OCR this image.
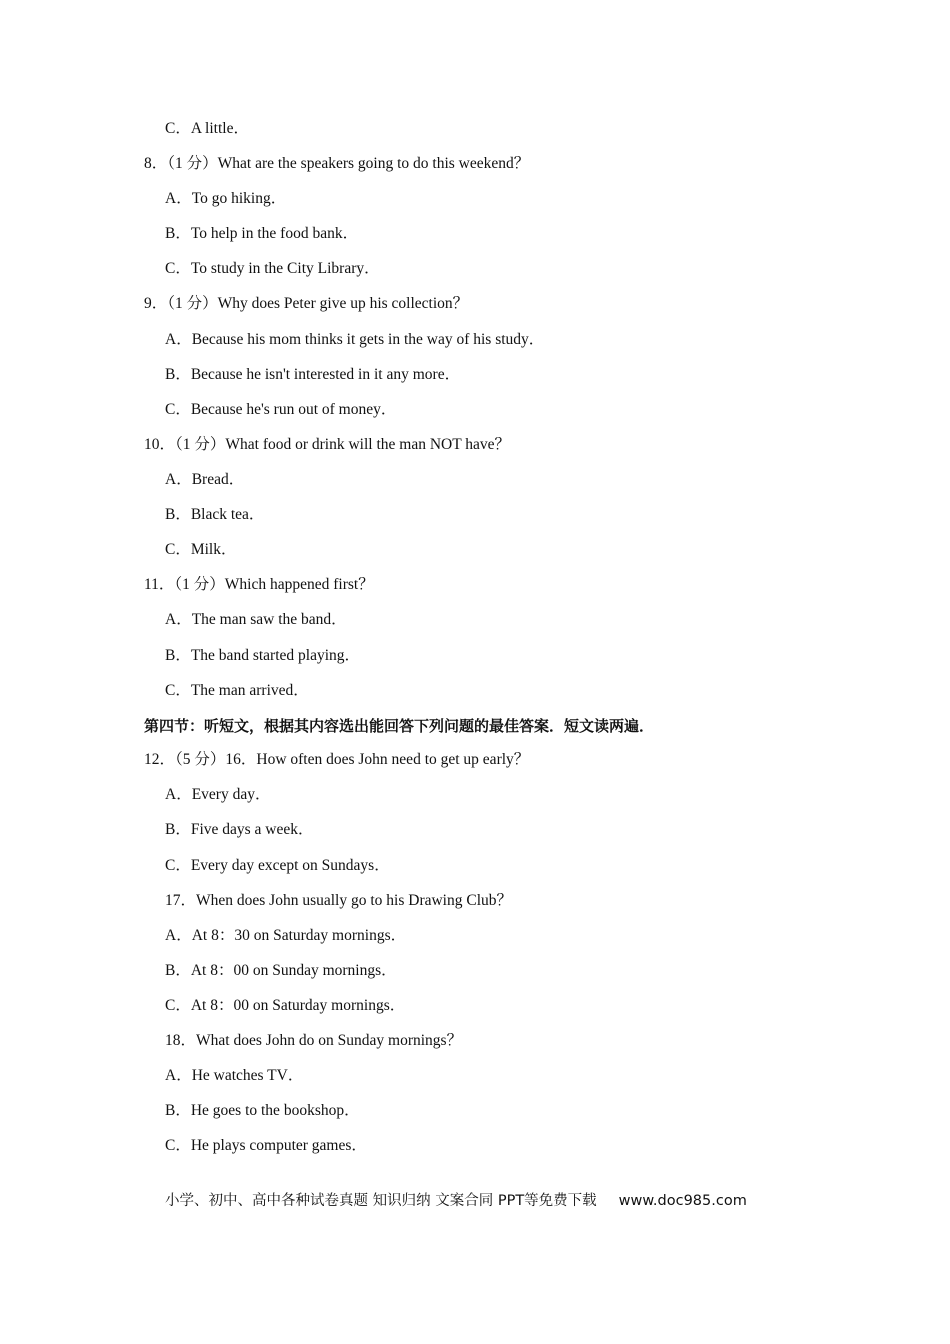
C．A little．
8．（1 分）What are the speakers going to do this weekend？
A．To go hiking．
B．To help in the food bank．
C．To study in the City Library．
9．（1 分）Why does Peter give up his collection？
A．Because his mom thinks it gets in the way of his study．
B．Because he isn't interested in it any more．
C．Because he's run out of money．
10．（1 分）What food or drink will the man NOT have？
A．Bread．
B．Black tea．
C．Milk．
11．（1 分）Which happened first？
A．The man saw the band．
B．The band started playing．
C．The man arrived．
第四节：听短文，根据其内容选出能回答下列问题的最佳答案．短文读两遍．
12．（5 分）16．How often does John need to get up early？
A．Every day．
B．Five days a week．
C．Every day except on Sundays．
17．When does John usually go to his Drawing Club？
A．At 8：30 on Saturday mornings．
B．At 8：00 on Sunday mornings．
C．At 8：00 on Saturday mornings．
18．What does John do on Sunday mornings？
A．He watches TV．
B．He goes to the bookshop．
C．He plays computer games．
小学、初中、高中各种试卷真题 知识归纳 文案合同 PPT等免费下载 www.doc985.com
